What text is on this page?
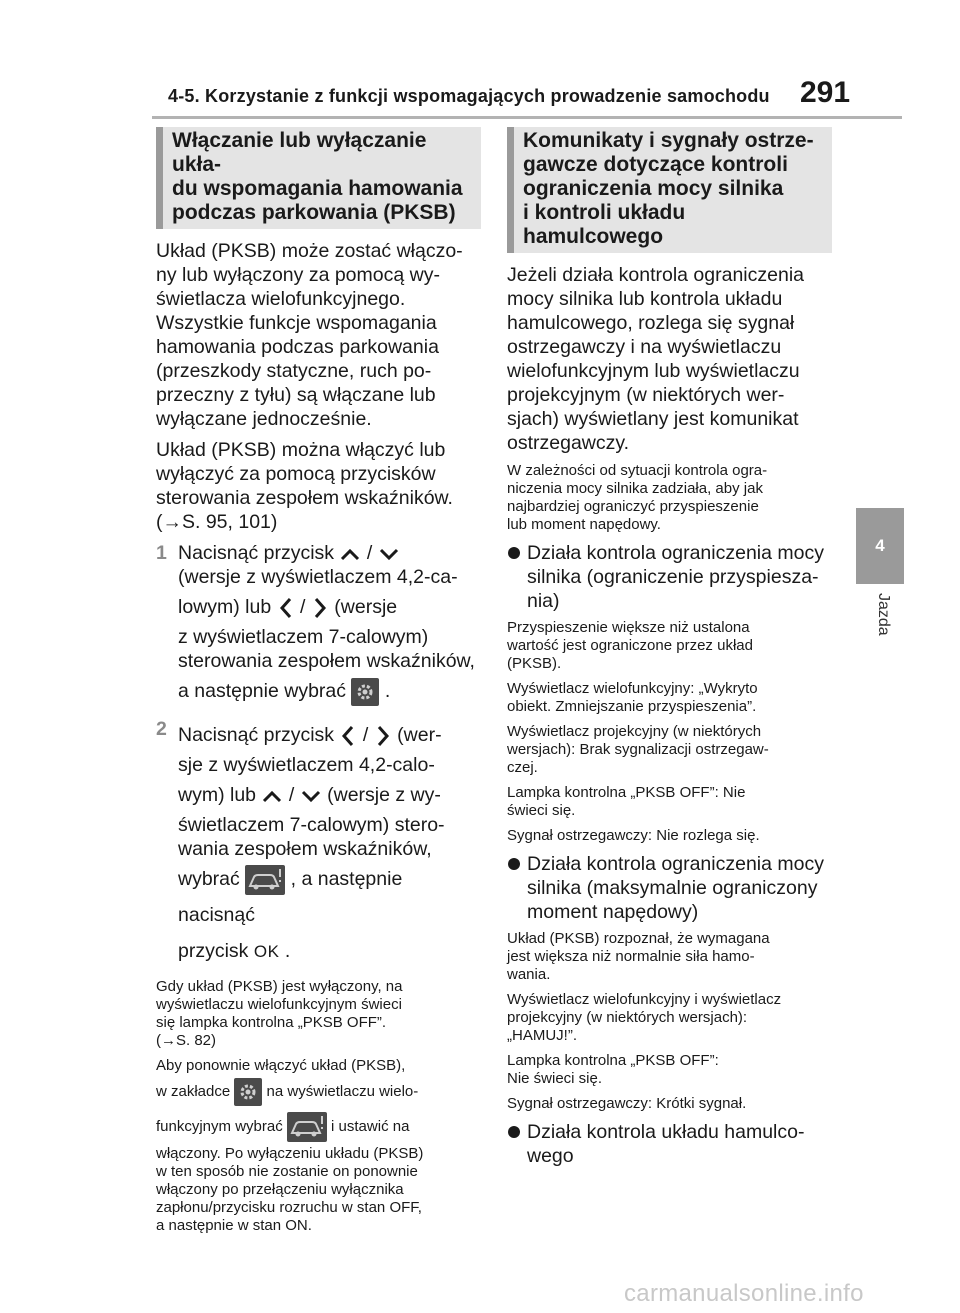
4-5. Korzystanie z funkcji wspomagających prowadzenie samochodu 291
4
Jazda
Włączanie lub wyłączanie ukła-
du wspomagania hamowania
podczas parkowania (PKSB)

Układ (PKSB) może zostać włączo-
ny lub wyłączony za pomocą wy-
świetlacza wielofunkcyjnego.
Wszystkie funkcje wspomagania
hamowania podczas parkowania
(przeszkody statyczne, ruch po-
przeczny z tyłu) są włączane lub
wyłączane jednocześnie.

Układ (PKSB) można włączyć lub
wyłączyć za pomocą przycisków
sterowania zespołem wskaźników.
(→S. 95, 101)

1 Nacisnąć przycisk /
(wersje z wyświetlaczem 4,2-ca-
lowym) lub / (wersje
z wyświetlaczem 7-calowym)
sterowania zespołem wskaźników,
a następnie wybrać .

2 Nacisnąć przycisk / (wer-
sje z wyświetlaczem 4,2-calo-
wym) lub / (wersje z wy-
świetlaczem 7-calowym) stero-
wania zespołem wskaźników,
wybrać	, a następnie nacisnąć
przycisk OK .

Gdy układ (PKSB) jest wyłączony, na
wyświetlaczu wielofunkcyjnym świeci
się lampka kontrolna „PKSB OFF”.
(→S. 82)

Aby ponownie włączyć układ (PKSB),
w zakładce na wyświetlaczu wielo-
funkcyjnym wybrać	i ustawić na
włączony. Po wyłączeniu układu (PKSB)
w ten sposób nie zostanie on ponownie
włączony po przełączeniu wyłącznika
zapłonu/przycisku rozruchu w stan OFF,
a następnie w stan ON.

Komunikaty i sygnały ostrze-
gawcze dotyczące kontroli
ograniczenia mocy silnika
i kontroli układu hamulcowego

Jeżeli działa kontrola ograniczenia
mocy silnika lub kontrola układu
hamulcowego, rozlega się sygnał
ostrzegawczy i na wyświetlaczu
wielofunkcyjnym lub wyświetlaczu
projekcyjnym (w niektórych wer-
sjach) wyświetlany jest komunikat
ostrzegawczy.

W zależności od sytuacji kontrola ogra-
niczenia mocy silnika zadziała, aby jak
najbardziej ograniczyć przyspieszenie
lub moment napędowy.

Działa kontrola ograniczenia mocy
silnika (ograniczenie przyspiesza-
nia)

Przyspieszenie większe niż ustalona
wartość jest ograniczone przez układ
(PKSB).

Wyświetlacz wielofunkcyjny: „Wykryto
obiekt. Zmniejszanie przyspieszenia”.

Wyświetlacz projekcyjny (w niektórych
wersjach): Brak sygnalizacji ostrzegaw-
czej.

Lampka kontrolna „PKSB OFF”: Nie
świeci się.

Sygnał ostrzegawczy: Nie rozlega się.

Działa kontrola ograniczenia mocy
silnika (maksymalnie ograniczony
moment napędowy)

Układ (PKSB) rozpoznał, że wymagana
jest większa niż normalnie siła hamo-
wania.

Wyświetlacz wielofunkcyjny i wyświetlacz
projekcyjny (w niektórych wersjach):
„HAMUJ!”.

Lampka kontrolna „PKSB OFF”:
Nie świeci się.

Sygnał ostrzegawczy: Krótki sygnał.

Działa kontrola układu hamulco-
wego
carmanualsonline.info
